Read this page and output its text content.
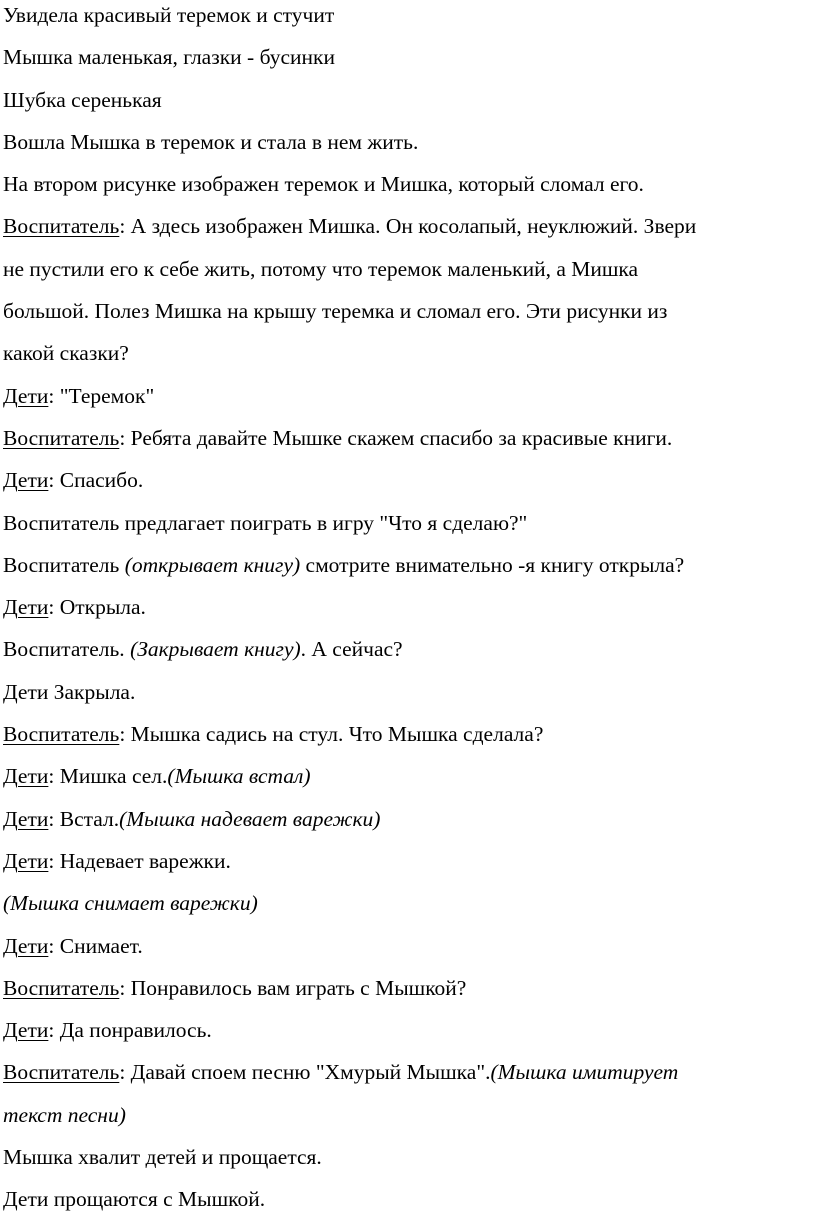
Увидела красивый теремок и стучит
Мышка маленькая, глазки - бусинки
Шубка серенькая
Вошла Мышка в теремок и стала в нем жить.
На втором рисунке изображен теремок и Мишка, который сломал его.
Воспитатель: А здесь изображен Мишка. Он косолапый, неуклюжий. Звери
не пустили его к себе жить, потому что теремок маленький, а Мишка
большой. Полез Мишка на крышу теремка и сломал его. Эти рисунки из
какой сказки?
Дети: "Теремок"
Воспитатель: Ребята давайте Мышке скажем спасибо за красивые книги.
Дети: Спасибо.
Воспитатель предлагает поиграть в игру "Что я сделаю?"
Воспитатель (открывает книгу) смотрите внимательно -я книгу открыла?
Дети: Открыла.
Воспитатель. (Закрывает книгу). А сейчас?
Дети Закрыла.
Воспитатель: Мышка садись на стул. Что Мышка сделала?
Дети: Мишка сел.(Мышка встал)
Дети: Встал.(Мышка надевает варежки)
Дети: Надевает варежки.
(Мышка снимает варежки)
Дети: Снимает.
Воспитатель: Понравилось вам играть с Мышкой?
Дети: Да понравилось.
Воспитатель: Давай споем песню "Хмурый Мышка".(Мышка имитирует
текст песни)
Мышка хвалит детей и прощается.
Дети прощаются с Мышкой.
